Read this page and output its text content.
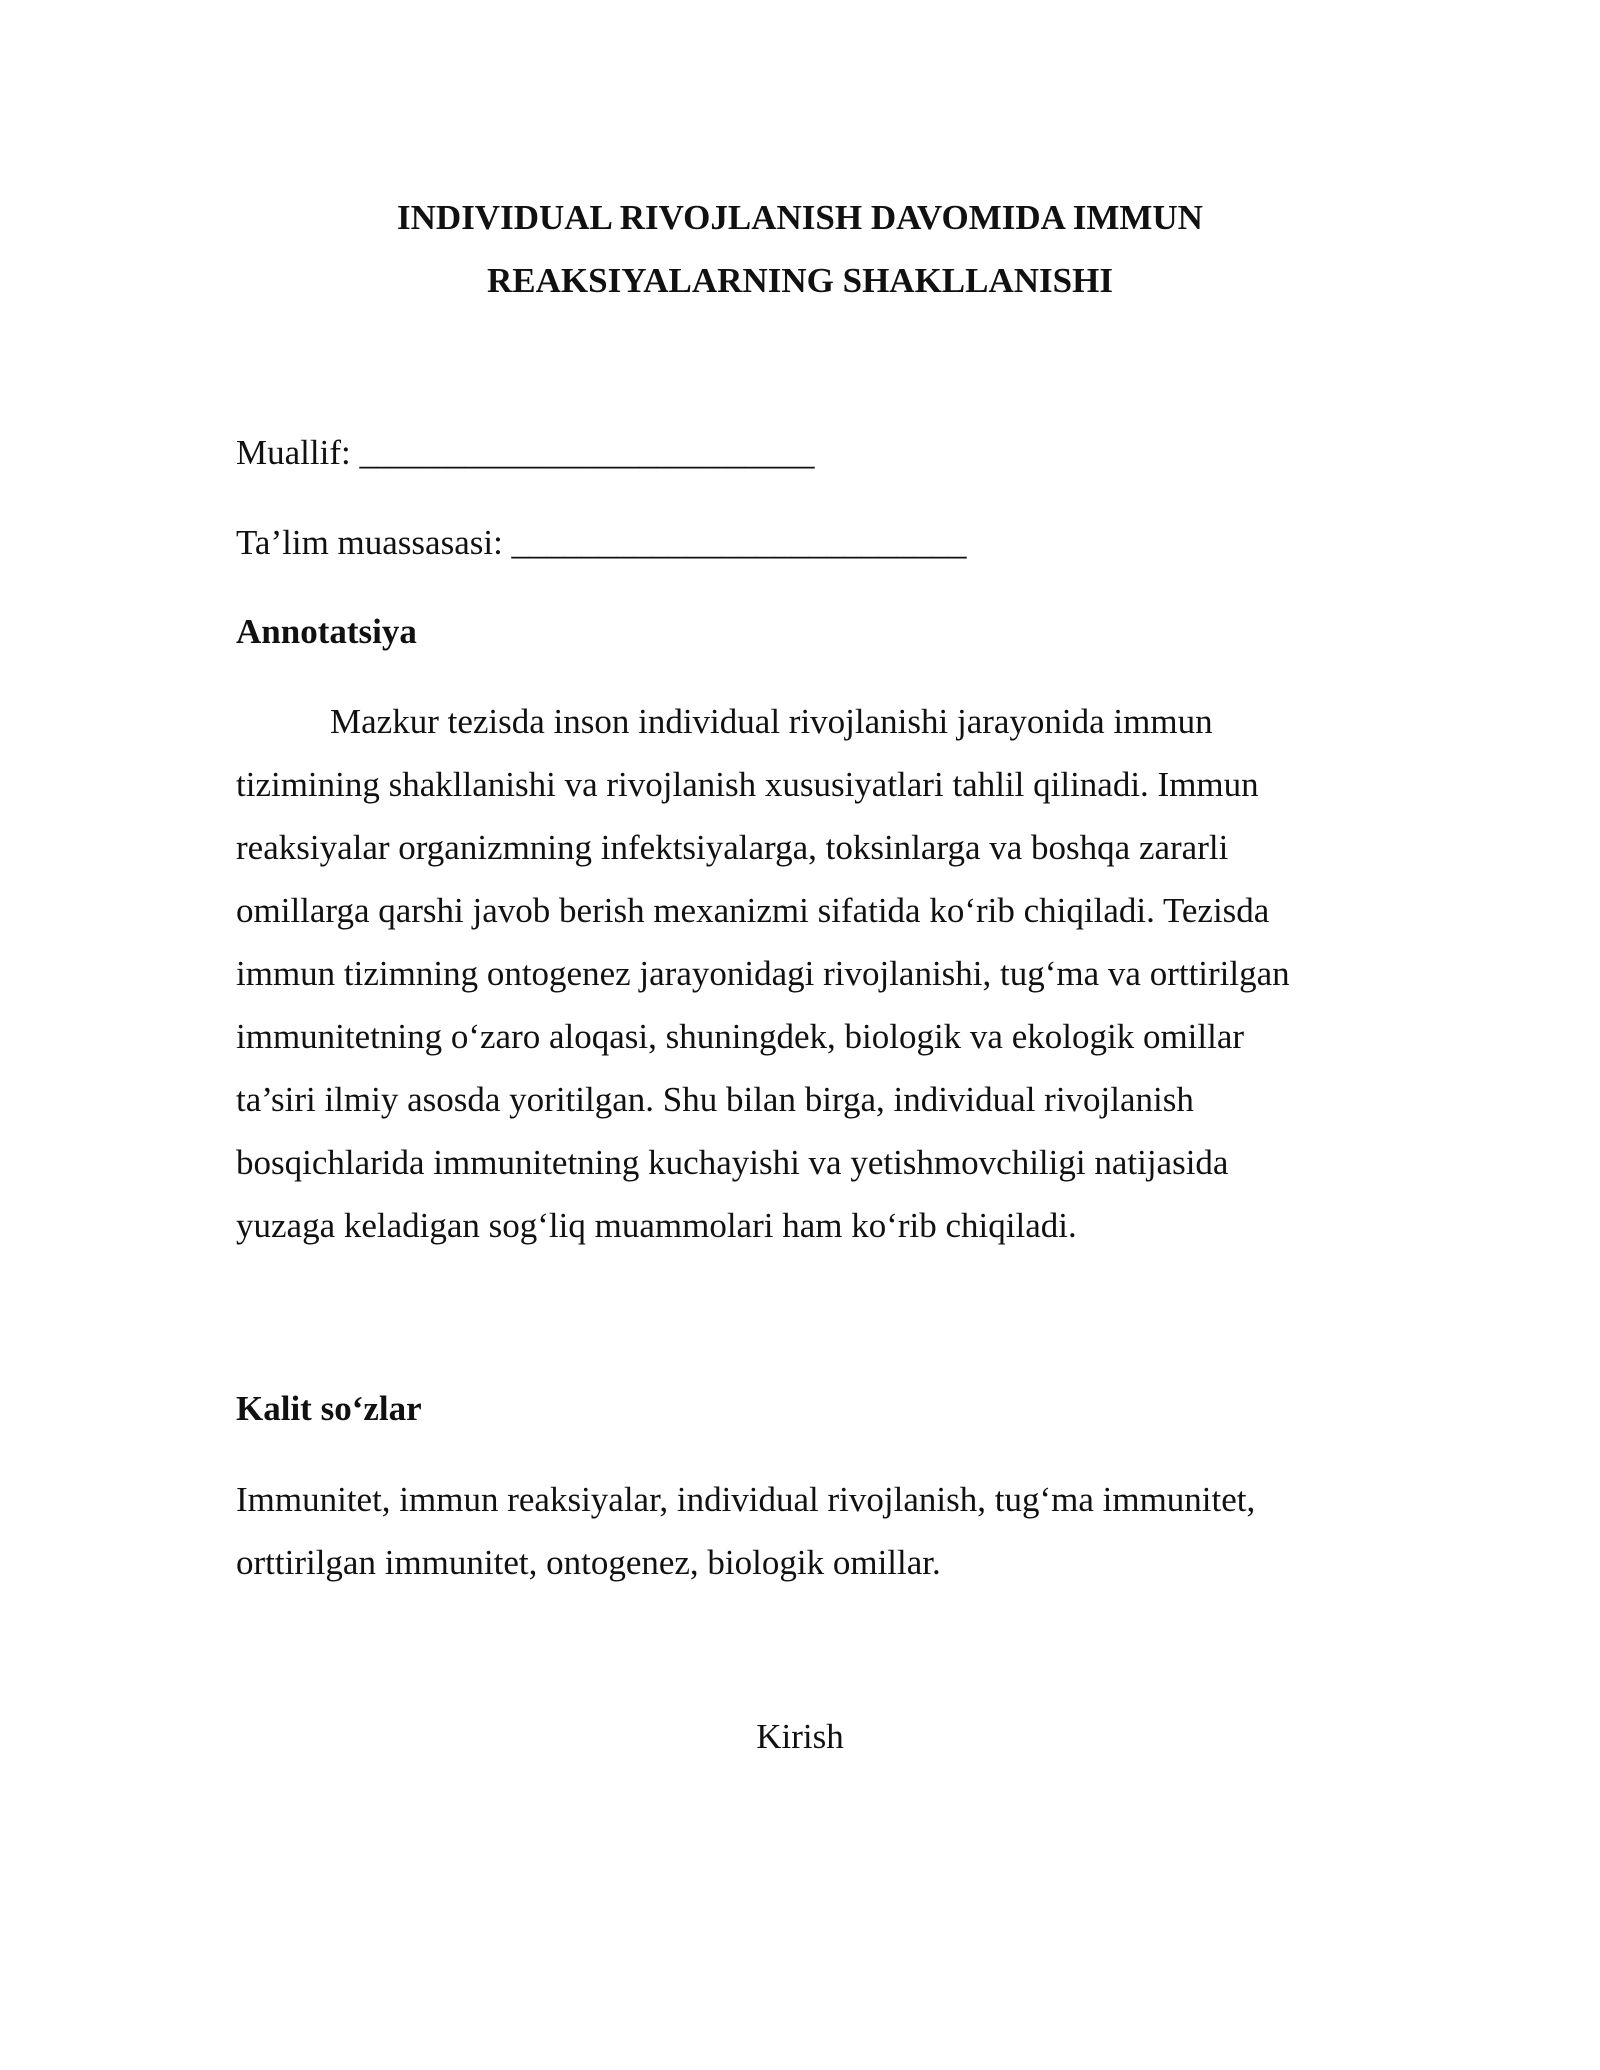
INDIVIDUAL RIVOJLANISH DAVOMIDA IMMUN
REAKSIYALARNING SHAKLLANISHI
Muallif: __________________________
Ta’lim muassasasi: __________________________
Annotatsiya
Mazkur tezisda inson individual rivojlanishi jarayonida immun
tizimining shakllanishi va rivojlanish xususiyatlari tahlil qilinadi. Immun
reaksiyalar organizmning infektsiyalarga, toksinlarga va boshqa zararli
omillarga qarshi javob berish mexanizmi sifatida ko‘rib chiqiladi. Tezisda
immun tizimning ontogenez jarayonidagi rivojlanishi, tug‘ma va orttirilgan
immunitetning o‘zaro aloqasi, shuningdek, biologik va ekologik omillar
ta’siri ilmiy asosda yoritilgan. Shu bilan birga, individual rivojlanish
bosqichlarida immunitetning kuchayishi va yetishmovchiligi natijasida
yuzaga keladigan sog‘liq muammolari ham ko‘rib chiqiladi.
Kalit so‘zlar
Immunitet, immun reaksiyalar, individual rivojlanish, tug‘ma immunitet,
orttirilgan immunitet, ontogenez, biologik omillar.
Kirish
